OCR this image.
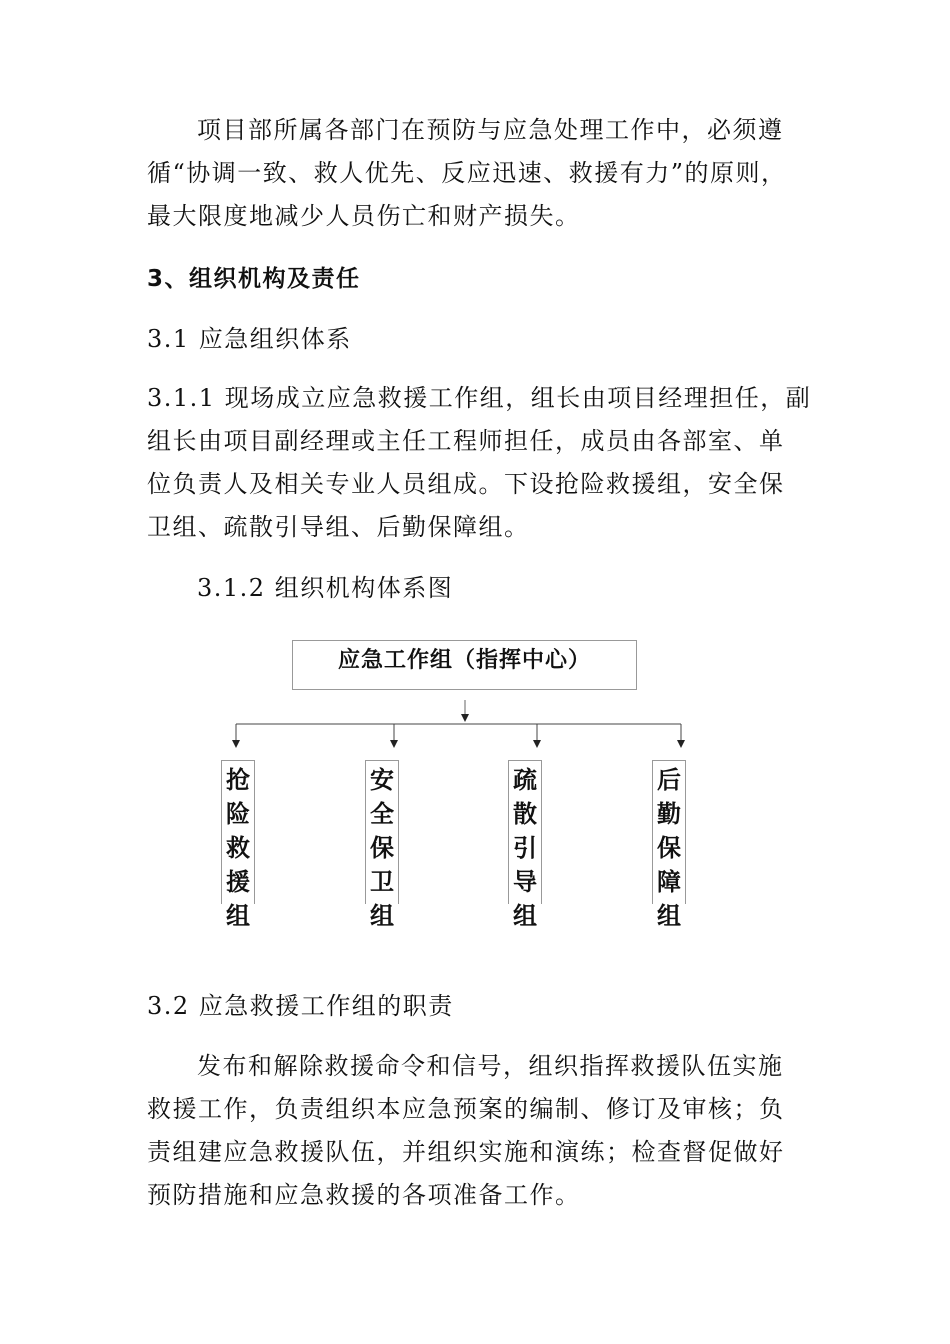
项目部所属各部门在预防与应急处理工作中，必须遵
循“协调一致、救人优先、反应迅速、救援有力”的原则，
最大限度地减少人员伤亡和财产损失。
3、组织机构及责任
3.1 应急组织体系
3.1.1 现场成立应急救援工作组，组长由项目经理担任，副
组长由项目副经理或主任工程师担任，成员由各部室、单
位负责人及相关专业人员组成。下设抢险救援组，安全保
卫组、疏散引导组、后勤保障组。
3.1.2 组织机构体系图
应急工作组（指挥中心）
抢险救援组
安全保卫组
疏散引导组
后勤保障组
3.2 应急救援工作组的职责
发布和解除救援命令和信号，组织指挥救援队伍实施
救援工作，负责组织本应急预案的编制、修订及审核；负
责组建应急救援队伍，并组织实施和演练；检查督促做好
预防措施和应急救援的各项准备工作。
